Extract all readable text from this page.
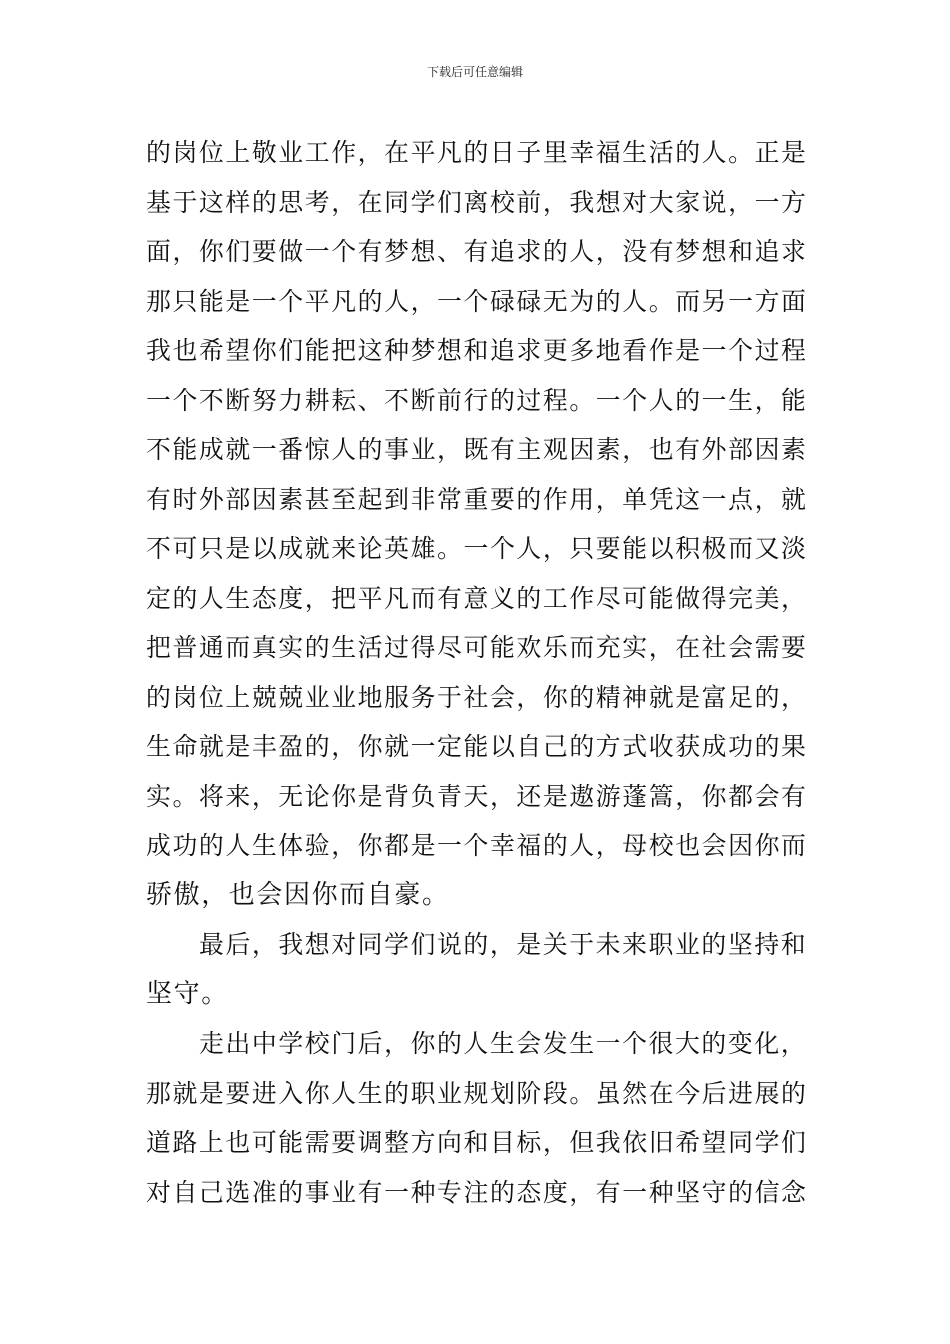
下载后可任意编辑
的岗位上敬业工作，在平凡的日子里幸福生活的人。正是
基于这样的思考，在同学们离校前，我想对大家说，一方
面，你们要做一个有梦想、有追求的人，没有梦想和追求
那只能是一个平凡的人，一个碌碌无为的人。而另一方面
我也希望你们能把这种梦想和追求更多地看作是一个过程
一个不断努力耕耘、不断前行的过程。一个人的一生，能
不能成就一番惊人的事业，既有主观因素，也有外部因素
有时外部因素甚至起到非常重要的作用，单凭这一点，就
不可只是以成就来论英雄。一个人，只要能以积极而又淡
定的人生态度，把平凡而有意义的工作尽可能做得完美，
把普通而真实的生活过得尽可能欢乐而充实，在社会需要
的岗位上兢兢业业地服务于社会，你的精神就是富足的，
生命就是丰盈的，你就一定能以自己的方式收获成功的果
实。将来，无论你是背负青天，还是遨游蓬篙，你都会有
成功的人生体验，你都是一个幸福的人，母校也会因你而
骄傲，也会因你而自豪。
最后，我想对同学们说的，是关于未来职业的坚持和
坚守。
走出中学校门后，你的人生会发生一个很大的变化，
那就是要进入你人生的职业规划阶段。虽然在今后进展的
道路上也可能需要调整方向和目标，但我依旧希望同学们
对自己选准的事业有一种专注的态度，有一种坚守的信念
